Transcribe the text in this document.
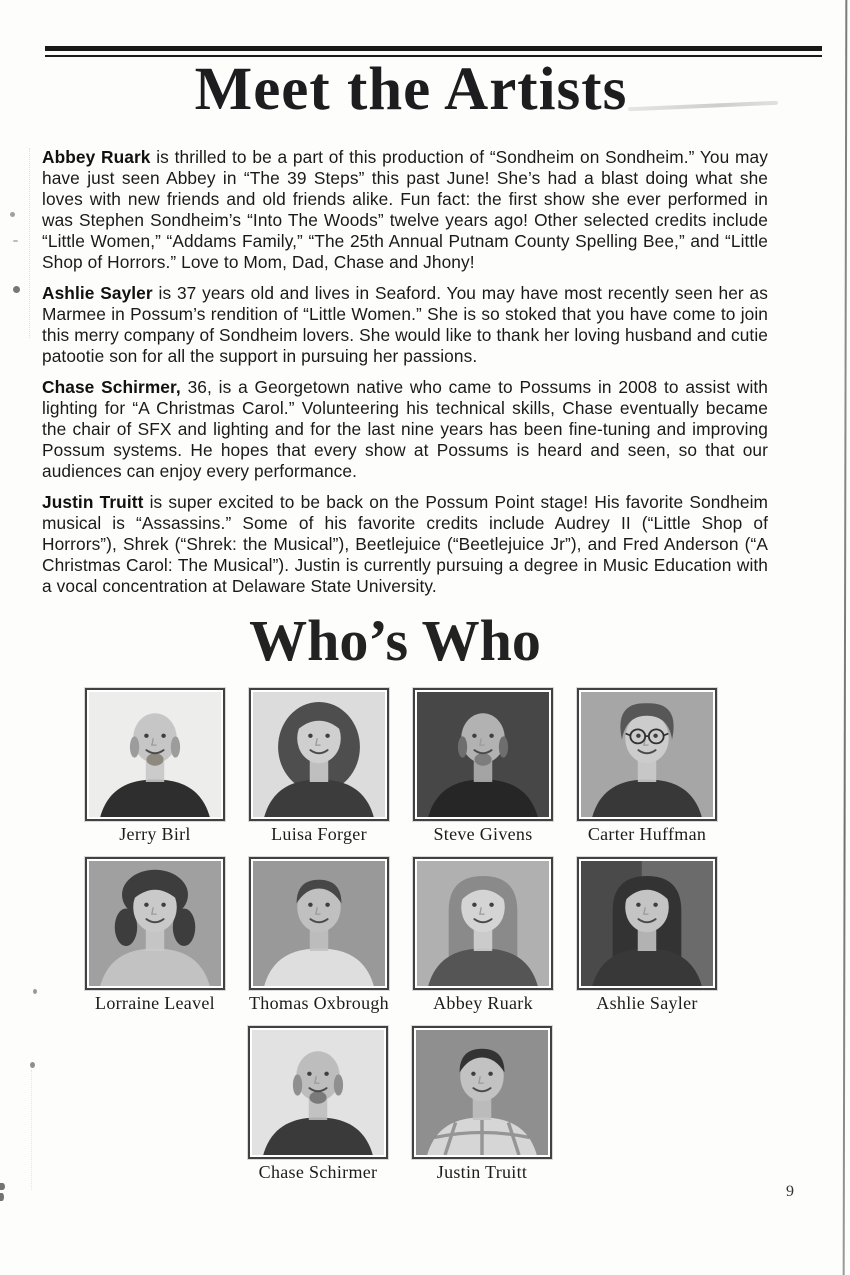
Meet the Artists

Abbey Ruark is thrilled to be a part of this production of “Sondheim on Sondheim.” You may have just seen Abbey in “The 39 Steps” this past June! She’s had a blast doing what she loves with new friends and old friends alike. Fun fact: the first show she ever performed in was Stephen Sondheim’s “Into The Woods” twelve years ago! Other selected credits include “Little Women,” “Addams Family,” “The 25th Annual Putnam County Spelling Bee,” and “Little Shop of Horrors.” Love to Mom, Dad, Chase and Jhony!

Ashlie Sayler is 37 years old and lives in Seaford. You may have most recently seen her as Marmee in Possum’s rendition of “Little Women.” She is so stoked that you have come to join this merry company of Sondheim lovers. She would like to thank her loving husband and cutie patootie son for all the support in pursuing her passions.

Chase Schirmer, 36, is a Georgetown native who came to Possums in 2008 to assist with lighting for “A Christmas Carol.” Volunteering his technical skills, Chase eventually became the chair of SFX and lighting and for the last nine years has been fine-tuning and improving Possum systems. He hopes that every show at Possums is heard and seen, so that our audiences can enjoy every performance.

Justin Truitt is super excited to be back on the Possum Point stage! His favorite Sondheim musical is “Assassins.” Some of his favorite credits include Audrey II (“Little Shop of Horrors”), Shrek (“Shrek: the Musical”), Beetlejuice (“Beetlejuice Jr”), and Fred Anderson (“A Christmas Carol: The Musical”). Justin is currently pursuing a degree in Music Education with a vocal concentration at Delaware State University.

Who’s Who
Jerry Birl	Luisa Forger	Steve Givens	Carter Huffman
Lorraine Leavel Thomas Oxbrough Abbey Ruark	Ashlie Sayler
Chase Schirmer	Justin Truitt
9
